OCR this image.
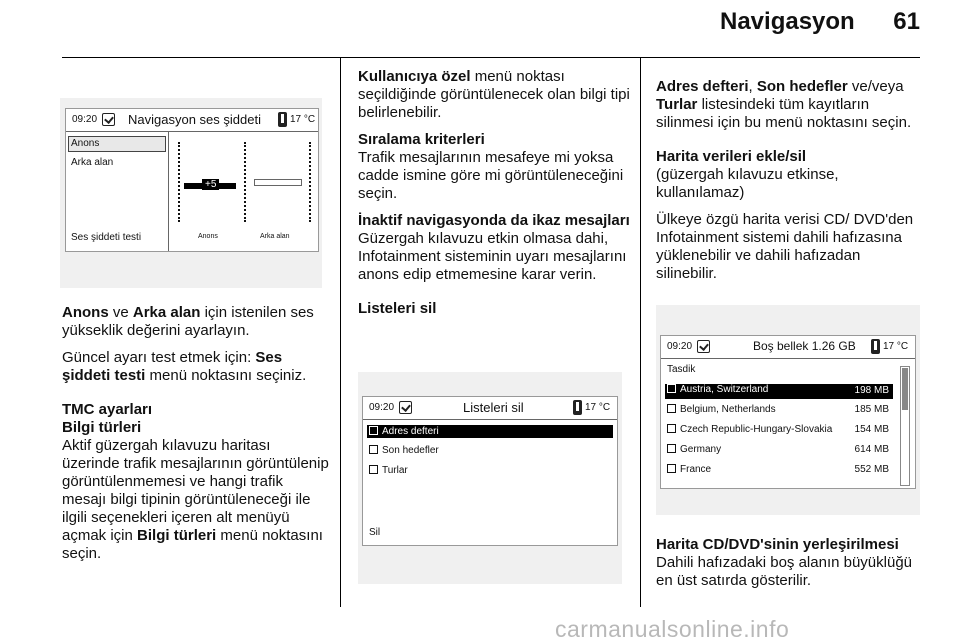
Navigasyon	61
09:20 Navigasyon ses şiddeti	17 °C
Anons
Arka alan
Ses şiddeti testi
+5
Anons	Arka alan

Anons ve Arka alan için istenilen ses yükseklik değerini ayarlayın.

Güncel ayarı test etmek için: Ses şiddeti testi menü noktasını seçiniz.

TMC ayarları

Bilgi türleri

Aktif güzergah kılavuzu haritası üzerinde trafik mesajlarının görüntülenip görüntülenmemesi ve hangi trafik mesajı bilgi tipinin görüntüleneceği ile ilgili seçenekleri içeren alt menüyü açmak için Bilgi türleri menü noktasını seçin.

Kullanıcıya özel menü noktası seçildiğinde görüntülenecek olan bilgi tipi belirlenebilir.

Sıralama kriterleri

Trafik mesajlarının mesafeye mi yoksa cadde ismine göre mi görüntüleneceğini seçin.

İnaktif navigasyonda da ikaz mesajları

Güzergah kılavuzu etkin olmasa dahi, Infotainment sisteminin uyarı mesajlarını anons edip etmemesine karar verin.

Listeleri sil

09:20	Listeleri sil	17 °C
Adres defteri
Son hedefler
Turlar
Sil

Adres defteri, Son hedefler ve/veya Turlar listesindeki tüm kayıtların silinmesi için bu menü noktasını seçin.

Harita verileri ekle/sil

(güzergah kılavuzu etkinse, kullanılamaz)

Ülkeye özgü harita verisi CD/ DVD'den Infotainment sistemi dahili hafızasına yüklenebilir ve dahili hafızadan silinebilir.

09:20	Boş bellek 1.26 GB	17 °C
Tasdik
Austria, Switzerland	198 MB
Belgium, Netherlands	185 MB
Czech Republic-Hungary-Slovakia 154 MB
Germany	614 MB
France	552 MB

Harita CD/DVD'sinin yerleşirilmesi

Dahili hafızadaki boş alanın büyüklüğü en üst satırda gösterilir.

carmanualsonline.info
